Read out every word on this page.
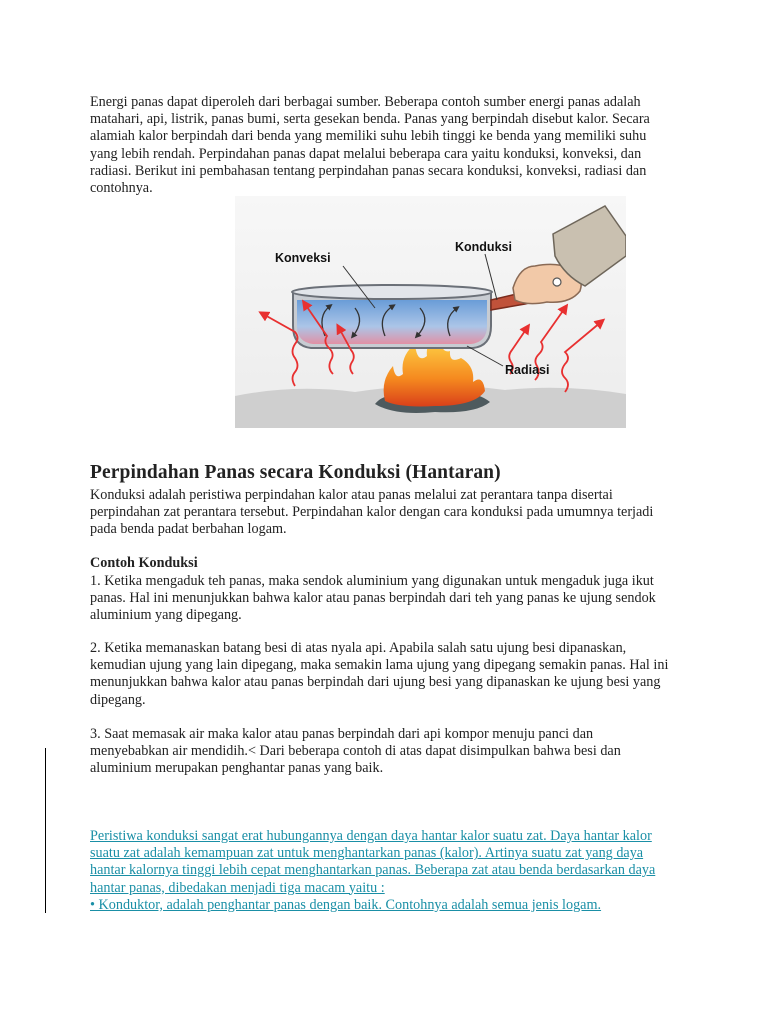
Energi panas dapat diperoleh dari berbagai sumber. Beberapa contoh sumber energi panas adalah matahari, api, listrik, panas bumi, serta gesekan benda. Panas yang berpindah disebut kalor. Secara alamiah kalor berpindah dari benda yang memiliki suhu lebih tinggi ke benda yang memiliki suhu yang lebih rendah. Perpindahan panas dapat melalui beberapa cara yaitu konduksi, konveksi, dan radiasi. Berikut ini pembahasan tentang perpindahan panas secara konduksi, konveksi, radiasi dan contohnya.

Konveksi
Konduksi
Radiasi
Perpindahan Panas secara Konduksi (Hantaran)

Konduksi adalah peristiwa perpindahan kalor atau panas melalui zat perantara tanpa disertai perpindahan zat perantara tersebut. Perpindahan kalor dengan cara konduksi pada umumnya terjadi pada benda padat berbahan logam.

Contoh Konduksi

1. Ketika mengaduk teh panas, maka sendok aluminium yang digunakan untuk mengaduk juga ikut panas. Hal ini menunjukkan bahwa kalor atau panas berpindah dari teh yang panas ke ujung sendok aluminium yang dipegang.

2. Ketika memanaskan batang besi di atas nyala api. Apabila salah satu ujung besi dipanaskan, kemudian ujung yang lain dipegang, maka semakin lama ujung yang dipegang semakin panas. Hal ini menunjukkan bahwa kalor atau panas berpindah dari ujung besi yang dipanaskan ke ujung besi yang dipegang.

3. Saat memasak air maka kalor atau panas berpindah dari api kompor menuju panci dan menyebabkan air mendidih.< Dari beberapa contoh di atas dapat disimpulkan bahwa besi dan aluminium merupakan penghantar panas yang baik.

Peristiwa konduksi sangat erat hubungannya dengan daya hantar kalor suatu zat. Daya hantar kalor suatu zat adalah kemampuan zat untuk menghantarkan panas (kalor). Artinya suatu zat yang daya hantar kalornya tinggi lebih cepat menghantarkan panas. Beberapa zat atau benda berdasarkan daya hantar panas, dibedakan menjadi tiga macam yaitu :
• Konduktor, adalah penghantar panas dengan baik. Contohnya adalah semua jenis logam.
